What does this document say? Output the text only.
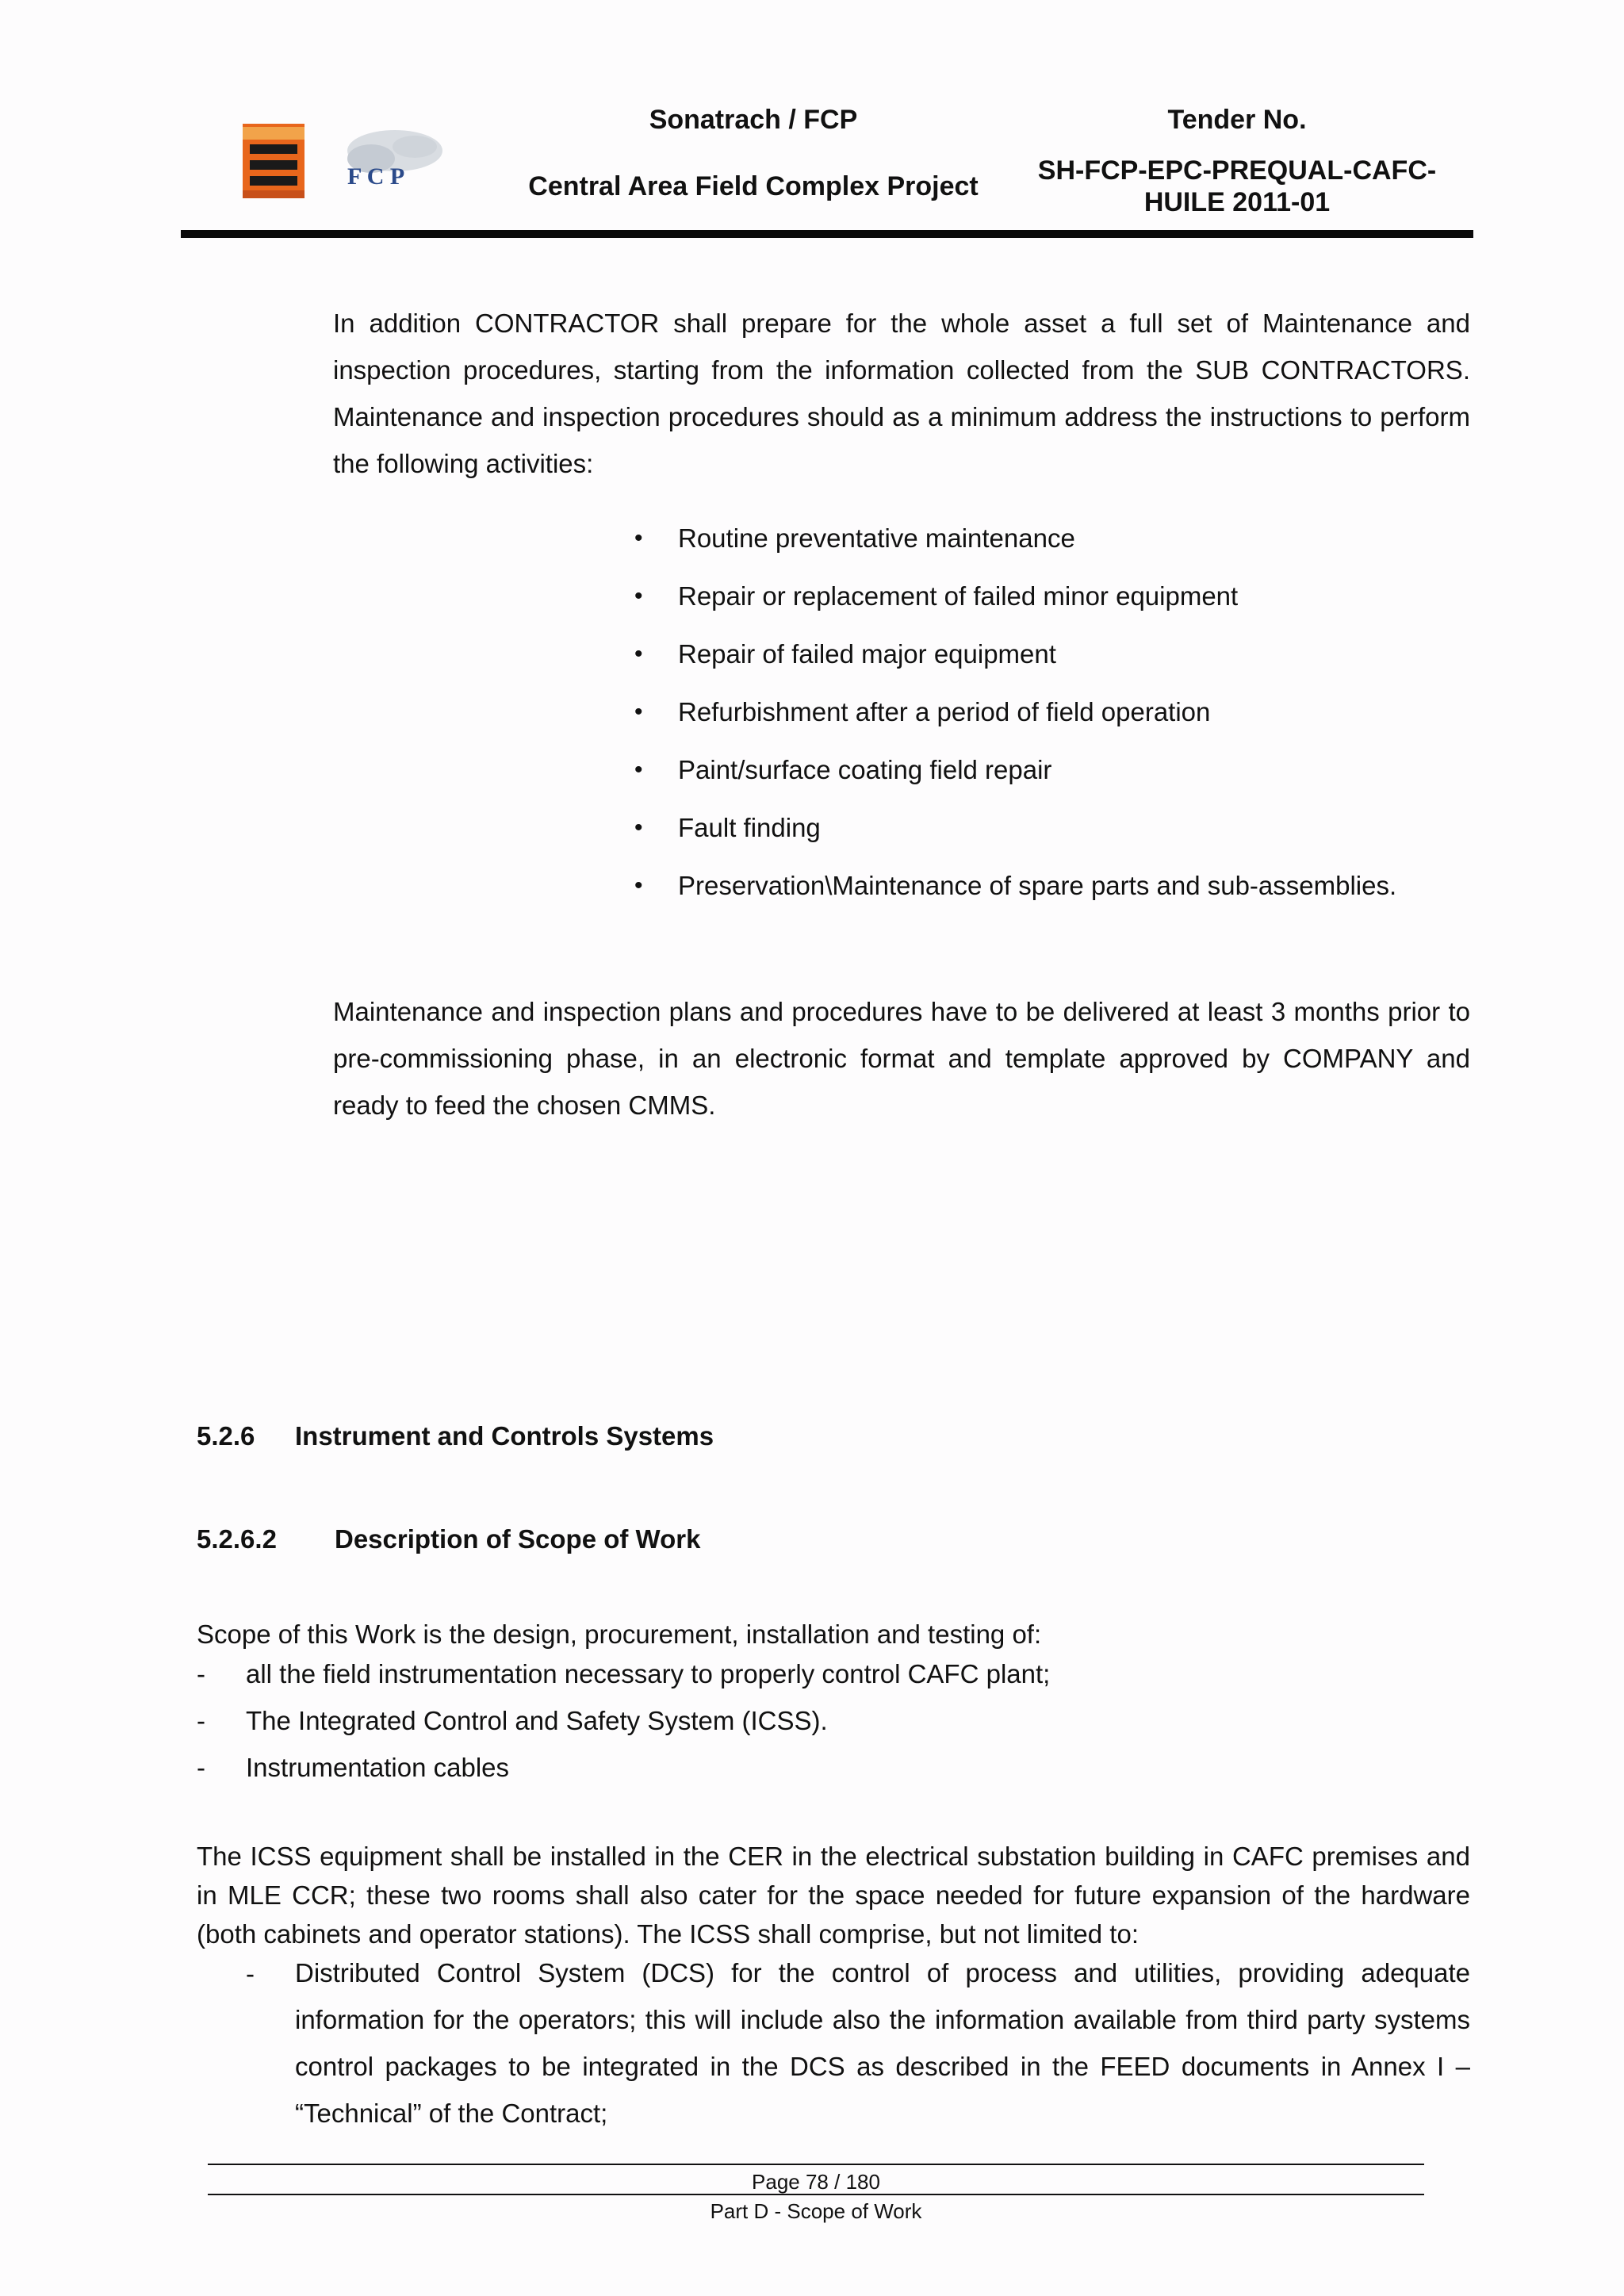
F C P
Sonatrach / FCP
Central Area Field Complex Project
Tender No.
SH-FCP-EPC-PREQUAL-CAFC-
HUILE 2011-01
In addition CONTRACTOR shall prepare for the whole asset a full set of Maintenance and inspection procedures, starting from the information collected from the SUB CONTRACTORS. Maintenance and inspection procedures should as a minimum address the instructions to perform the following activities:
• Routine preventative maintenance
• Repair or replacement of failed minor equipment
• Repair of failed major equipment
• Refurbishment after a period of field operation
• Paint/surface coating field repair
• Fault finding
• Preservation\Maintenance of spare parts and sub-assemblies.
Maintenance and inspection plans and procedures have to be delivered at least 3 months prior to pre-commissioning phase, in an electronic format and template approved by COMPANY and ready to feed the chosen CMMS.
5.2.6 Instrument and Controls Systems
5.2.6.2 Description of Scope of Work
Scope of this Work is the design, procurement, installation and testing of:
- all the field instrumentation necessary to properly control CAFC plant;
- The Integrated Control and Safety System (ICSS).
- Instrumentation cables
The ICSS equipment shall be installed in the CER in the electrical substation building in CAFC premises and in MLE CCR; these two rooms shall also cater for the space needed for future expansion of the hardware (both cabinets and operator stations). The ICSS shall comprise, but not limited to:
- Distributed Control System (DCS) for the control of process and utilities, providing adequate information for the operators; this will include also the information available from third party systems control packages to be integrated in the DCS as described in the FEED documents in Annex I – “Technical” of the Contract;
Page 78 / 180
Part D - Scope of Work
